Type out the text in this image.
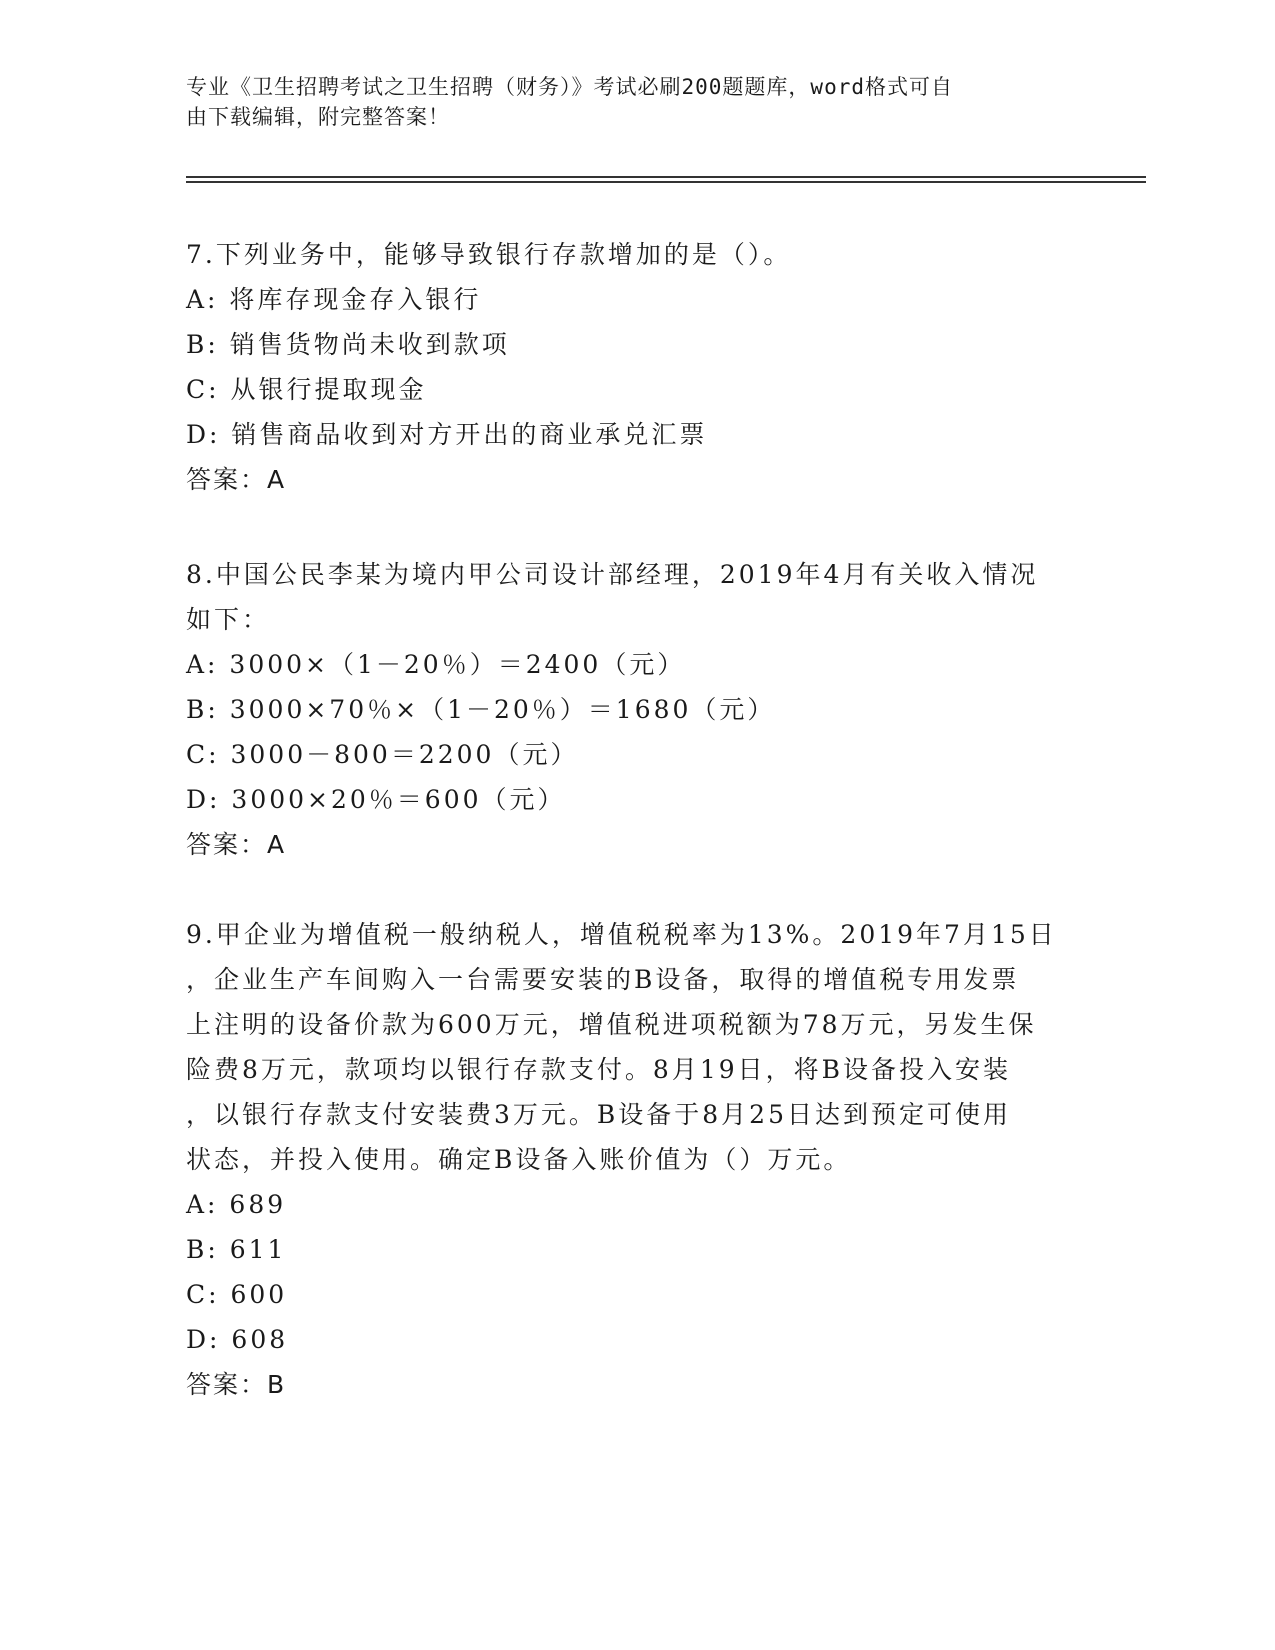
专业《卫生招聘考试之卫生招聘（财务）》考试必刷200题题库，word格式可自
由下载编辑，附完整答案！
7.下列业务中，能够导致银行存款增加的是（）。
A: 将库存现金存入银行
B: 销售货物尚未收到款项
C: 从银行提取现金
D: 销售商品收到对方开出的商业承兑汇票
答案：A
8.中国公民李某为境内甲公司设计部经理，2019年4月有关收入情况
如下：
A: 3000×（1－20％）＝2400（元）
B: 3000×70％×（1－20％）＝1680（元）
C: 3000－800＝2200（元）
D: 3000×20％＝600（元）
答案：A
9.甲企业为增值税一般纳税人，增值税税率为13%。2019年7月15日
，企业生产车间购入一台需要安装的B设备，取得的增值税专用发票
上注明的设备价款为600万元，增值税进项税额为78万元，另发生保
险费8万元，款项均以银行存款支付。8月19日，将B设备投入安装
，以银行存款支付安装费3万元。B设备于8月25日达到预定可使用
状态，并投入使用。确定B设备入账价值为（）万元。
A: 689
B: 611
C: 600
D: 608
答案：B
